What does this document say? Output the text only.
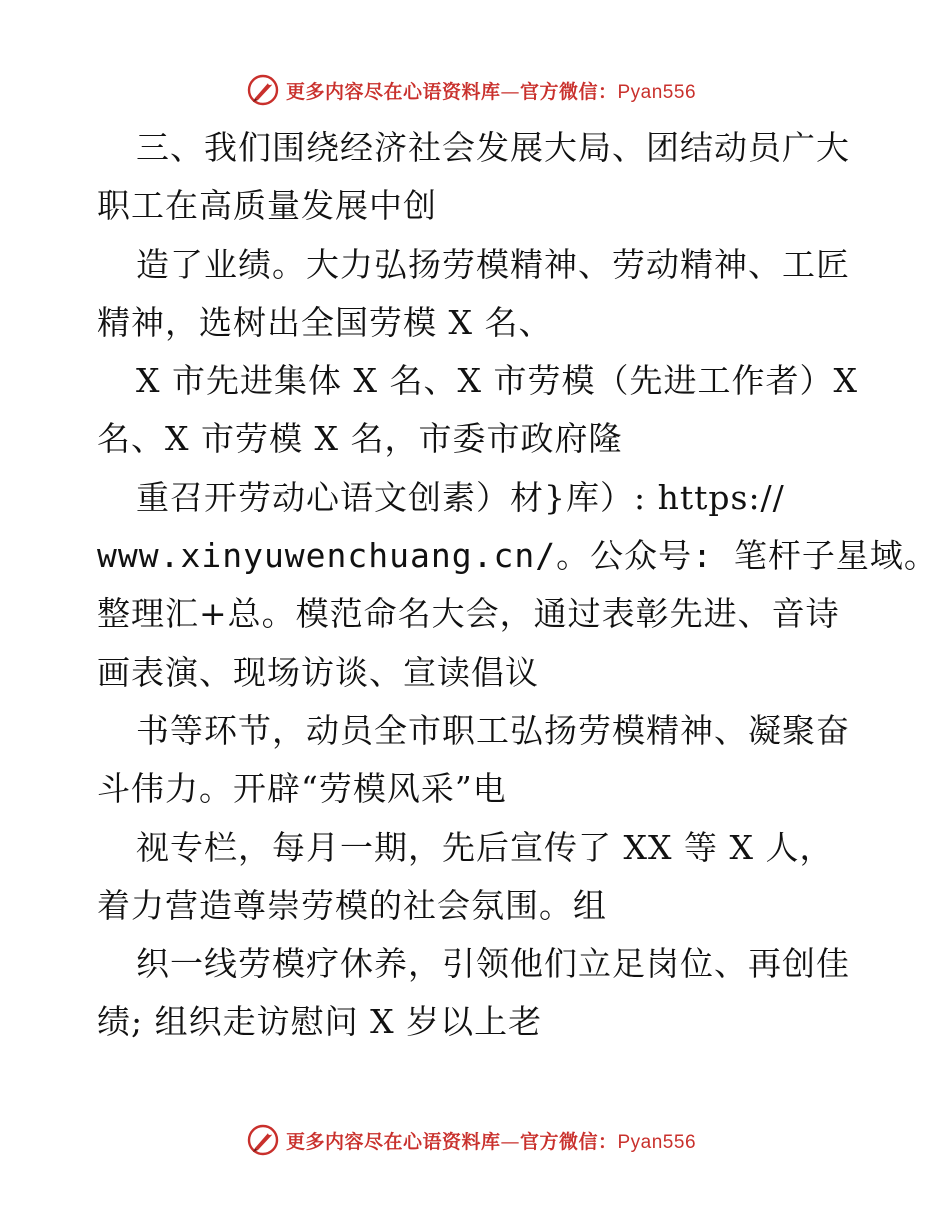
更多内容尽在心语资料库—官方微信：Pyan556
三、我们围绕经济社会发展大局、团结动员广大
职工在高质量发展中创
造了业绩。大力弘扬劳模精神、劳动精神、工匠
精神，选树出全国劳模 X 名、
X 市先进集体 X 名、X 市劳模（先进工作者）X
名、X 市劳模 X 名，市委市政府隆
重召开劳动心语文创素）材}库）: https://
www.xinyuwenchuang.cn/。公众号: 笔杆子星域。
整理汇+总。模范命名大会，通过表彰先进、音诗
画表演、现场访谈、宣读倡议
书等环节，动员全市职工弘扬劳模精神、凝聚奋
斗伟力。开辟“劳模风采”电
视专栏，每月一期，先后宣传了 XX 等 X 人，
着力营造尊崇劳模的社会氛围。组
织一线劳模疗休养，引领他们立足岗位、再创佳
绩; 组织走访慰问 X 岁以上老
更多内容尽在心语资料库—官方微信：Pyan556
